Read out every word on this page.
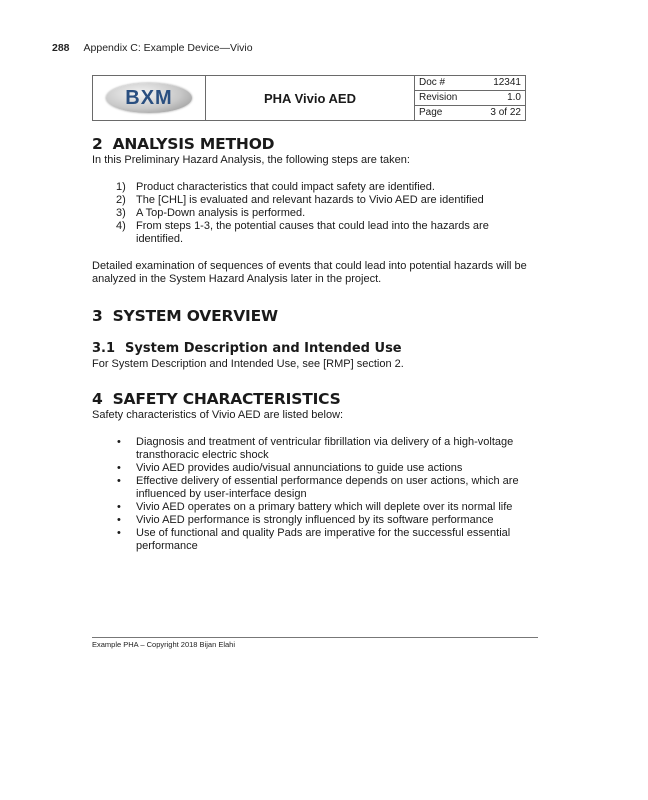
288 Appendix C: Example Device—Vivio
BXM	PHA Vivio AED	
Doc #	12341
Revision	1.0
Page	3 of 22
2 ANALYSIS METHOD

In this Preliminary Hazard Analysis, the following steps are taken:

1) Product characteristics that could impact safety are identified.
2) The [CHL] is evaluated and relevant hazards to Vivio AED are identified
3) A Top-Down analysis is performed.
4) From steps 1-3, the potential causes that could lead into the hazards are identified.

Detailed examination of sequences of events that could lead into potential hazards will be analyzed in the System Hazard Analysis later in the project.

3 SYSTEM OVERVIEW
3.1 System Description and Intended Use

For System Description and Intended Use, see [RMP] section 2.

4 SAFETY CHARACTERISTICS

Safety characteristics of Vivio AED are listed below:

• Diagnosis and treatment of ventricular fibrillation via delivery of a high-voltage transthoracic electric shock
• Vivio AED provides audio/visual annunciations to guide use actions
• Effective delivery of essential performance depends on user actions, which are influenced by user-interface design
• Vivio AED operates on a primary battery which will deplete over its normal life
• Vivio AED performance is strongly influenced by its software performance
• Use of functional and quality Pads are imperative for the successful essential performance
Example PHA – Copyright 2018 Bijan Elahi
